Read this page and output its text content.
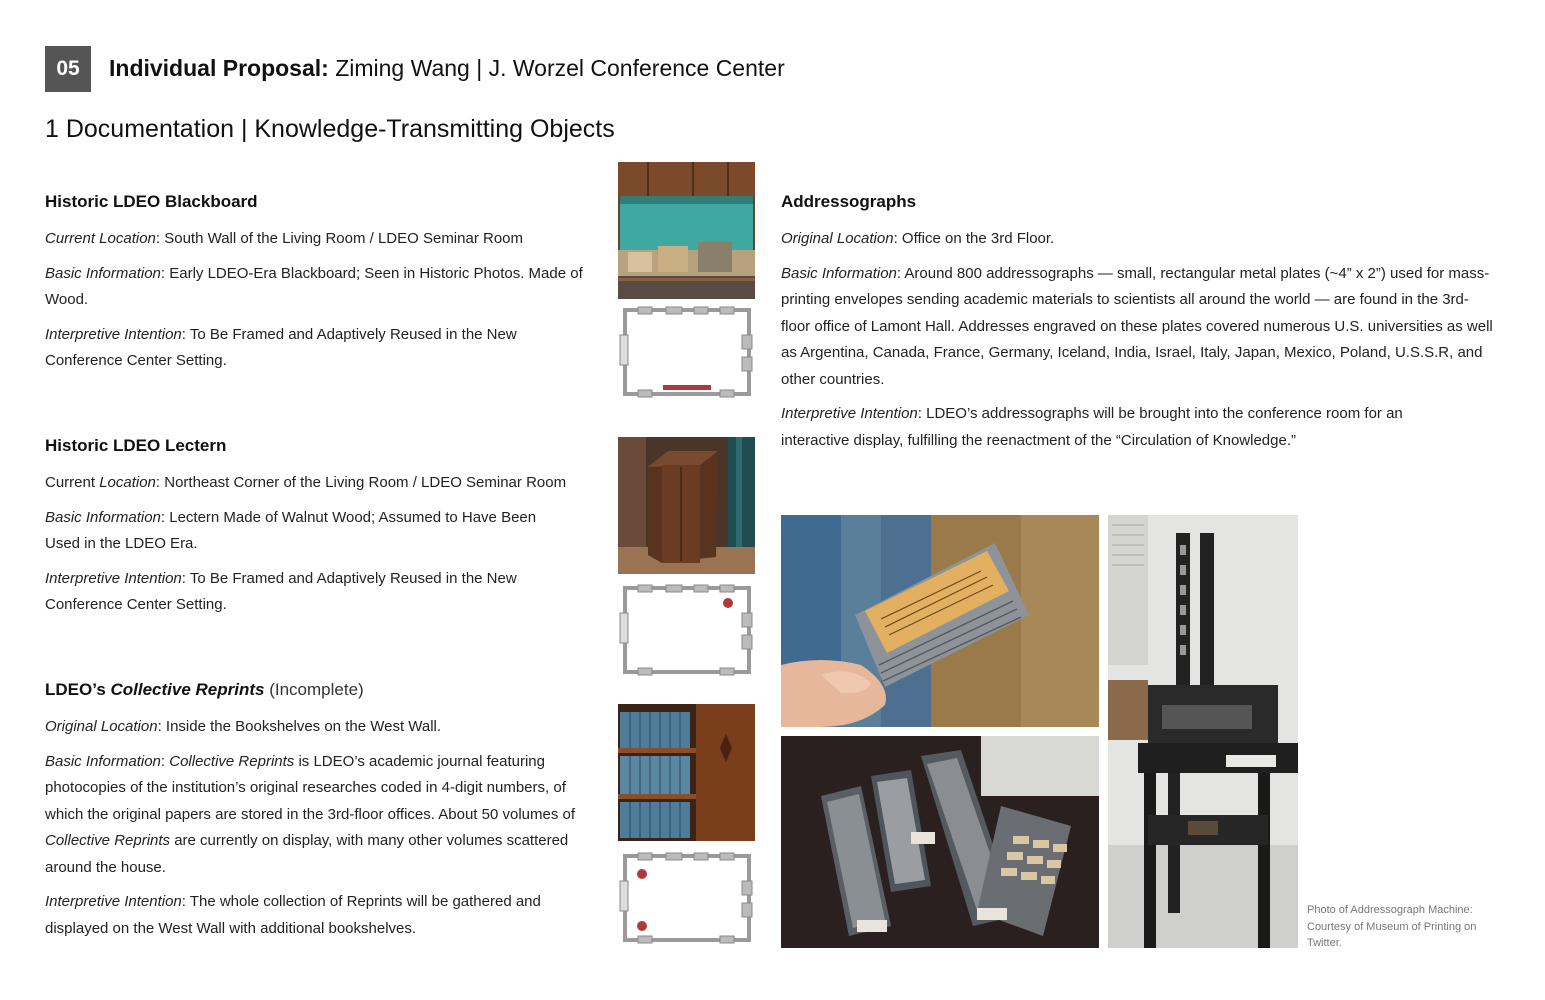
05	Individual Proposal: Ziming Wang | J. Worzel Conference Center
1 Documentation | Knowledge-Transmitting Objects
Historic LDEO Blackboard

Current Location: South Wall of the Living Room / LDEO Seminar Room

Basic Information: Early LDEO-Era Blackboard; Seen in Historic Photos. Made of Wood.

Interpretive Intention: To Be Framed and Adaptively Reused in the New Conference Center Setting.

Historic LDEO Lectern

Current Location: Northeast Corner of the Living Room / LDEO Seminar Room

Basic Information: Lectern Made of Walnut Wood; Assumed to Have Been Used in the LDEO Era.

Interpretive Intention: To Be Framed and Adaptively Reused in the New Conference Center Setting.

LDEO’s Collective Reprints (Incomplete)

Original Location: Inside the Bookshelves on the West Wall.

Basic Information: Collective Reprints is LDEO’s academic journal featuring photocopies of the institution’s original researches coded in 4-digit numbers, of which the original papers are stored in the 3rd-floor offices. About 50 volumes of Collective Reprints are currently on display, with many other volumes scattered around the house.

Interpretive Intention: The whole collection of Reprints will be gathered and displayed on the West Wall with additional bookshelves.

Addressographs

Original Location: Office on the 3rd Floor.

Basic Information: Around 800 addressographs — small, rectangular metal plates (~4” x 2”) used for mass-printing envelopes sending academic materials to scientists all around the world — are found in the 3rd-floor office of Lamont Hall. Addresses engraved on these plates covered numerous U.S. universities as well as Argentina, Canada, France, Germany, Iceland, India, Israel, Italy, Japan, Mexico, Poland, U.S.S.R, and other countries.

Interpretive Intention: LDEO’s addressographs will be brought into the conference room for an interactive display, fulfilling the reenactment of the “Circulation of Knowledge.”

Photo of Addressograph Machine: Courtesy of Museum of Printing on Twitter.
